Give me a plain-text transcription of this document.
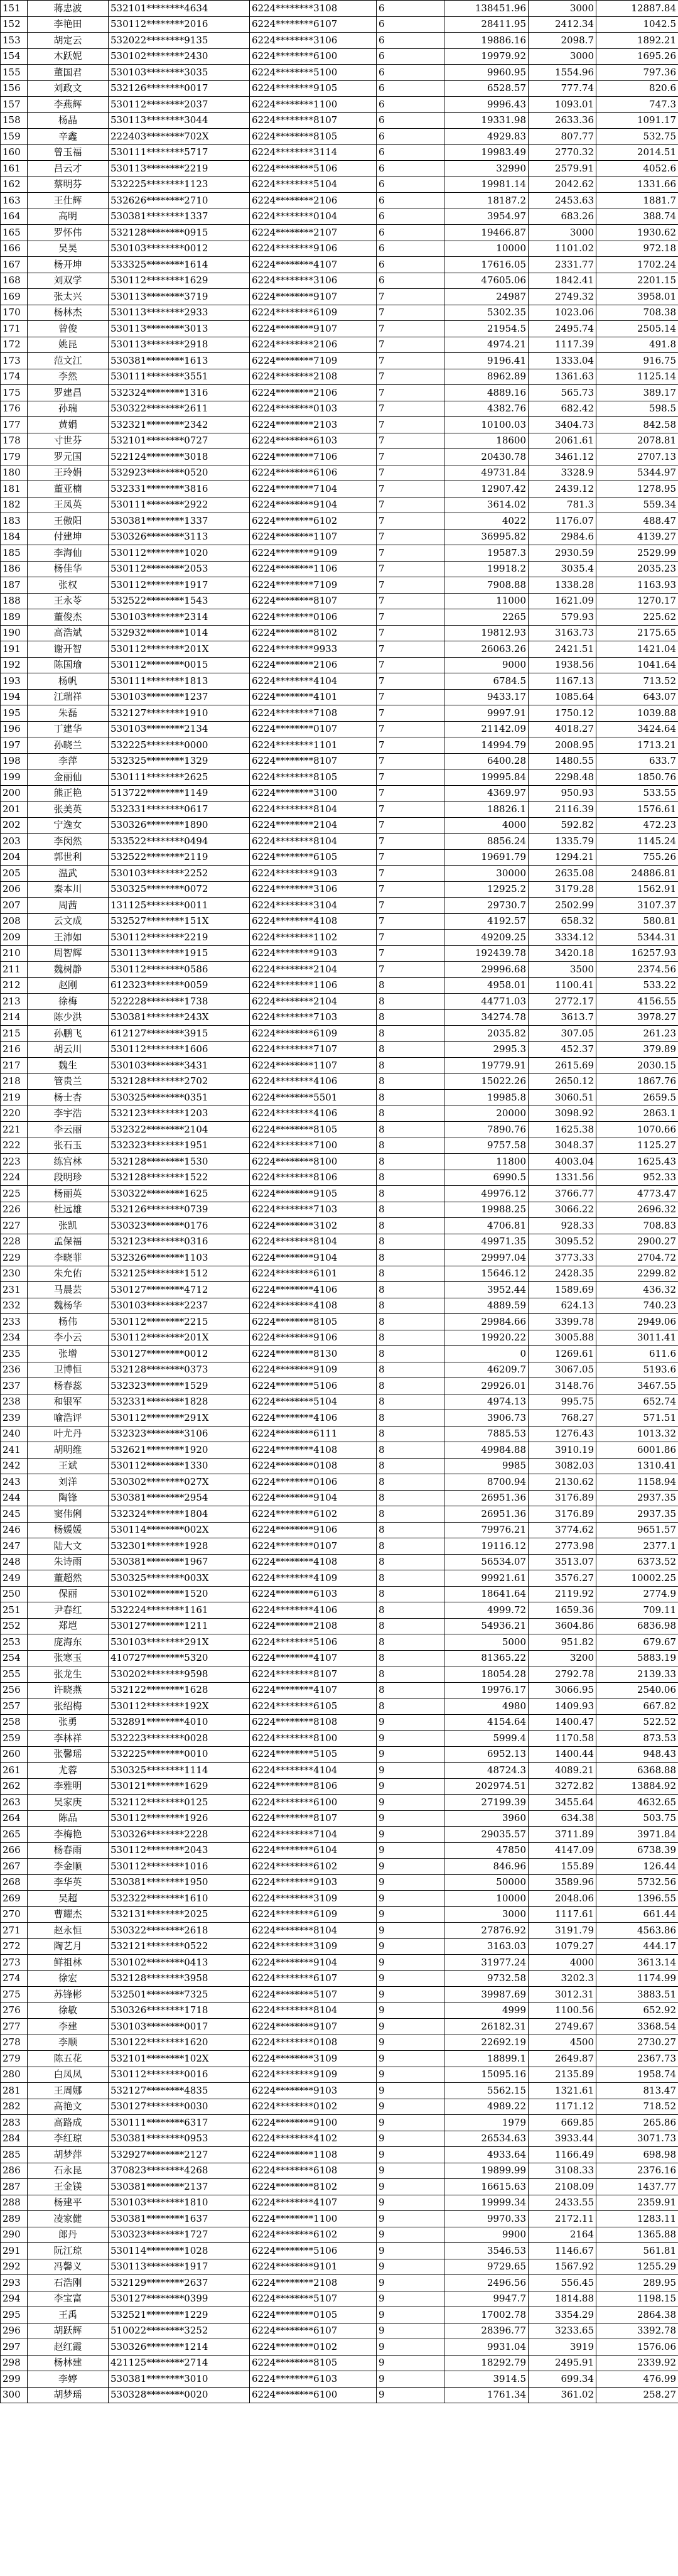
151	蒋忠波	532101********4634	6224********3108	6	138451.96	3000	12887.84
152	李艳田	530112********2016	6224********6107	6	28411.95	2412.34	1042.5
153	胡定云	532022********9135	6224********3106	6	19886.16	2098.7	1892.21
154	木跃妮	530102********2430	6224********6100	6	19979.92	3000	1695.26
155	董国君	530103********3035	6224********5100	6	9960.95	1554.96	797.36
156	刘政文	532126********0017	6224********9105	6	6528.57	777.74	820.6
157	李燕辉	530112********2037	6224********1100	6	9996.43	1093.01	747.3
158	杨晶	530113********3044	6224********8107	6	19331.98	2633.36	1091.17
159	辛鑫	222403********702X	6224********8105	6	4929.83	807.77	532.75
160	曾玉福	530111********5717	6224********3114	6	19983.49	2770.32	2014.51
161	吕云才	530113********2219	6224********5106	6	32990	2579.91	4052.6
162	蔡明芬	532225********1123	6224********5104	6	19981.14	2042.62	1331.66
163	王仕辉	532626********2710	6224********2106	6	18187.2	2453.63	1881.7
164	高明	530381********1337	6224********0104	6	3954.97	683.26	388.74
165	罗怀伟	532128********0915	6224********2107	6	19466.87	3000	1930.62
166	吴昊	530103********0012	6224********9106	6	10000	1101.02	972.18
167	杨开坤	533325********1614	6224********4107	6	17616.05	2331.77	1702.24
168	刘双学	530112********1629	6224********3106	6	47605.06	1842.41	2201.15
169	张太兴	530113********3719	6224********9107	7	24987	2749.32	3958.01
170	杨林杰	530113********2933	6224********6109	7	5302.35	1023.06	708.38
171	曾俊	530113********3013	6224********9107	7	21954.5	2495.74	2505.14
172	姚昆	530113********2918	6224********2106	7	4974.21	1117.39	491.8
173	范文江	530381********1613	6224********7109	7	9196.41	1333.04	916.75
174	李然	530111********3551	6224********2108	7	8962.89	1361.63	1125.14
175	罗建昌	532324********1316	6224********2106	7	4889.16	565.73	389.17
176	孙瑞	530322********2611	6224********0103	7	4382.76	682.42	598.5
177	黄娟	532321********2342	6224********2103	7	10100.03	3404.73	842.58
178	寸世芬	532101********0727	6224********6103	7	18600	2061.61	2078.81
179	罗元国	522124********3018	6224********7106	7	20430.78	3461.12	2707.13
180	王玲娟	532923********0520	6224********6106	7	49731.84	3328.9	5344.97
181	董亚楠	532331********3816	6224********7104	7	12907.42	2439.12	1278.95
182	王凤英	530111********2922	6224********9104	7	3614.02	781.3	559.34
183	王傲阳	530381********1337	6224********6102	7	4022	1176.07	488.47
184	付建坤	530326********3113	6224********1107	7	36995.82	2984.6	4139.27
185	李海仙	530112********1020	6224********9109	7	19587.3	2930.59	2529.99
186	杨佳华	530112********2053	6224********1106	7	19918.2	3035.4	2035.23
187	张权	530112********1917	6224********7109	7	7908.88	1338.28	1163.93
188	王永苓	532522********1543	6224********8107	7	11000	1621.09	1270.17
189	董俊杰	530103********2314	6224********0106	7	2265	579.93	225.62
190	高浩斌	532932********1014	6224********8102	7	19812.93	3163.73	2175.65
191	谢开智	530112********201X	6224********9933	7	26063.26	2421.51	1421.04
192	陈国瑜	530112********0015	6224********2106	7	9000	1938.56	1041.64
193	杨帆	530111********1813	6224********4104	7	6784.5	1167.13	713.52
194	江瑞祥	530103********1237	6224********4101	7	9433.17	1085.64	643.07
195	朱磊	532127********1910	6224********7108	7	9997.91	1750.12	1039.88
196	丁建华	530103********2134	6224********0107	7	21142.09	4018.27	3424.64
197	孙晓兰	532225********0000	6224********1101	7	14994.79	2008.95	1713.21
198	李萍	532325********1329	6224********8107	7	6400.28	1480.55	633.7
199	金丽仙	530111********2625	6224********8105	7	19995.84	2298.48	1850.76
200	熊正艳	513722********1149	6224********3100	7	4369.97	950.93	533.55
201	张美英	532331********0617	6224********8104	7	18826.1	2116.39	1576.61
202	宁逸女	530326********1890	6224********2104	7	4000	592.82	472.23
203	李闵然	533522********0494	6224********8104	7	8856.24	1335.79	1145.24
204	郭世利	532522********2119	6224********6105	7	19691.79	1294.21	755.26
205	温武	530103********2252	6224********9103	7	30000	2635.08	24886.81
206	秦本川	530325********0072	6224********3106	7	12925.2	3179.28	1562.91
207	周茜	131125********0011	6224********3104	7	29730.7	2502.99	3107.37
208	云文成	532527********151X	6224********4108	7	4192.57	658.32	580.81
209	王沛如	530112********2219	6224********1102	7	49209.25	3334.12	5344.31
210	周智辉	530113********1915	6224********9103	7	192439.78	3420.18	16257.93
211	魏树静	530112********0586	6224********2104	7	29996.68	3500	2374.56
212	赵刚	612323********0059	6224********1106	8	4958.01	1100.41	533.22
213	徐梅	522228********1738	6224********2104	8	44771.03	2772.17	4156.55
214	陈少洪	530381********243X	6224********7103	8	34274.78	3613.7	3978.27
215	孙鹏飞	612127********3915	6224********6109	8	2035.82	307.05	261.23
216	胡云川	530112********1606	6224********7107	8	2995.3	452.37	379.89
217	魏生	530103********3431	6224********1107	8	19779.91	2615.69	2030.15
218	管贵兰	532128********2702	6224********4106	8	15022.26	2650.12	1867.76
219	杨士杏	530325********0351	6224********5501	8	19985.8	3060.51	2659.5
220	李宇浩	532123********1203	6224********4106	8	20000	3098.92	2863.1
221	李云丽	532322********2104	6224********8105	8	7890.76	1625.38	1070.66
222	张石玉	532323********1951	6224********7100	8	9757.58	3048.37	1125.27
223	练宫林	532128********1530	6224********8100	8	11800	4003.04	1625.43
224	段明珍	532128********1522	6224********8106	8	6990.5	1331.56	952.33
225	杨丽英	530322********1625	6224********9105	8	49976.12	3766.77	4773.47
226	杜远雄	532126********0739	6224********7103	8	19988.25	3066.22	2696.32
227	张凯	530323********0176	6224********3102	8	4706.81	928.33	708.83
228	孟保福	532123********0316	6224********8104	8	49971.35	3095.52	2900.27
229	李晓菲	532326********1103	6224********9104	8	29997.04	3773.33	2704.72
230	朱允佑	532125********1512	6224********6101	8	15646.12	2428.35	2299.82
231	马晨芸	530127********4712	6224********4106	8	3952.44	1589.69	436.32
232	魏杨华	530103********2237	6224********4108	8	4889.59	624.13	740.23
233	杨伟	530112********2215	6224********8105	8	29984.66	3399.78	2949.06
234	李小云	530112********201X	6224********9106	8	19920.22	3005.88	3011.41
235	张增	530127********0012	6224********8130	8	0	1269.61	611.6
236	卫博恒	532128********0373	6224********9109	8	46209.7	3067.05	5193.6
237	杨春蕊	532323********1529	6224********5106	8	29926.01	3148.76	3467.55
238	和银军	532331********1828	6224********5104	8	4974.13	995.75	652.74
239	喻浩评	530112********291X	6224********4106	8	3906.73	768.27	571.51
240	叶尤丹	532323********3106	6224********6111	8	7885.53	1276.43	1013.32
241	胡明维	532621********1920	6224********4108	8	49984.88	3910.19	6001.86
242	王斌	530112********1330	6224********0108	8	9985	3082.03	1310.41
243	刘洋	530302********027X	6224********0106	8	8700.94	2130.62	1158.94
244	陶锋	530381********2954	6224********9104	8	26951.36	3176.89	2937.35
245	窦伟俐	532324********1804	6224********6102	8	26951.36	3176.89	2937.35
246	杨媛媛	530114********002X	6224********9106	8	79976.21	3774.62	9651.57
247	陆大文	532301********1928	6224********0107	8	19116.12	2773.98	2377.1
248	朱诗雨	530381********1967	6224********4108	8	56534.07	3513.07	6373.52
249	董超然	530325********003X	6224********4109	8	99921.61	3576.27	10002.25
250	保丽	530102********1520	6224********6103	8	18641.64	2119.92	2774.9
251	尹春红	532224********1161	6224********4106	8	4999.72	1659.36	709.11
252	郑垲	530127********1211	6224********2108	8	54936.21	3604.86	6836.98
253	庞海东	530103********291X	6224********5106	8	5000	951.82	679.67
254	张寒玉	410727********5320	6224********4107	8	81365.22	3200	5883.19
255	张龙生	530202********9598	6224********8107	8	18054.28	2792.78	2139.33
256	许晓燕	532122********1628	6224********4107	8	19976.17	3066.95	2540.06
257	张绍梅	530112********192X	6224********6105	8	4980	1409.93	667.82
258	张勇	532891********4010	6224********8108	9	4154.64	1400.47	522.52
259	李林祥	532223********0028	6224********8100	9	5999.4	1170.58	873.53
260	张馨瑶	532225********0010	6224********5105	9	6952.13	1400.44	948.43
261	尤蓉	530325********1114	6224********4104	9	48724.3	4089.21	6368.88
262	李雅明	530121********1629	6224********8106	9	202974.51	3272.82	13884.92
263	吴家庚	532112********0125	6224********6100	9	27199.39	3455.64	4632.65
264	陈品	530112********1926	6224********8107	9	3960	634.38	503.75
265	李梅艳	530326********2228	6224********7104	9	29035.57	3711.89	3971.84
266	杨春雨	530112********2043	6224********6104	9	47850	4147.09	6738.39
267	李金顺	530112********1016	6224********6102	9	846.96	155.89	126.44
268	李华英	530381********1950	6224********9103	9	50000	3589.96	5732.56
269	吴超	532322********1610	6224********3109	9	10000	2048.06	1396.55
270	曹耀杰	532131********2025	6224********6109	9	3000	1117.61	661.44
271	赵永恒	530322********2618	6224********8104	9	27876.92	3191.79	4563.86
272	陶艺月	532121********0522	6224********3109	9	3163.03	1079.27	444.17
273	鲜祖林	530102********0413	6224********9104	9	31977.24	4000	3613.14
274	徐宏	532128********3958	6224********6107	9	9732.58	3202.3	1174.99
275	苏锋彬	532501********7325	6224********5107	9	39987.69	3012.31	3883.51
276	徐敏	530326********1718	6224********8104	9	4999	1100.56	652.92
277	李建	530103********0017	6224********9107	9	26182.31	2749.67	3368.54
278	李顺	530122********1620	6224********0108	9	22692.19	4500	2730.27
279	陈五花	532101********102X	6224********3109	9	18899.1	2649.87	2367.73
280	白凤凤	530112********0016	6224********9109	9	15095.16	2135.89	1958.74
281	王周娜	532127********4835	6224********9103	9	5562.15	1321.61	813.47
282	高艳文	530127********0030	6224********0102	9	4989.22	1171.12	718.52
283	高路成	530111********6317	6224********9100	9	1979	669.85	265.86
284	李红琼	530381********0953	6224********4102	9	26534.63	3933.44	3071.73
285	胡梦萍	532927********2127	6224********1108	9	4933.64	1166.49	698.98
286	石永昆	370823********4268	6224********6108	9	19899.99	3108.33	2376.16
287	王金镁	530381********2137	6224********8102	9	16615.63	2108.09	1437.77
288	杨建平	530103********1810	6224********4107	9	19999.34	2433.55	2359.91
289	凌家健	530381********1637	6224********1100	9	9970.33	2172.11	1283.11
290	郎丹	530323********1727	6224********6102	9	9900	2164	1365.88
291	阮江琼	530114********1028	6224********5106	9	3546.53	1146.67	561.81
292	冯馨义	530113********1917	6224********9101	9	9729.65	1567.92	1255.29
293	石浩刚	532129********2637	6224********2108	9	2496.56	556.45	289.95
294	李宝富	530127********0399	6224********5107	9	9947.7	1814.88	1198.15
295	王禹	532521********1229	6224********0105	9	17002.78	3354.29	2864.38
296	胡跃辉	510022********3252	6224********6107	9	28396.77	3233.65	3392.78
297	赵红霞	530326********1214	6224********0102	9	9931.04	3919	1576.06
298	杨林建	421125********2714	6224********8105	9	18292.79	2495.91	2339.92
299	李婷	530381********3010	6224********6103	9	3914.5	699.34	476.99
300	胡梦瑶	530328********0020	6224********6100	9	1761.34	361.02	258.27
